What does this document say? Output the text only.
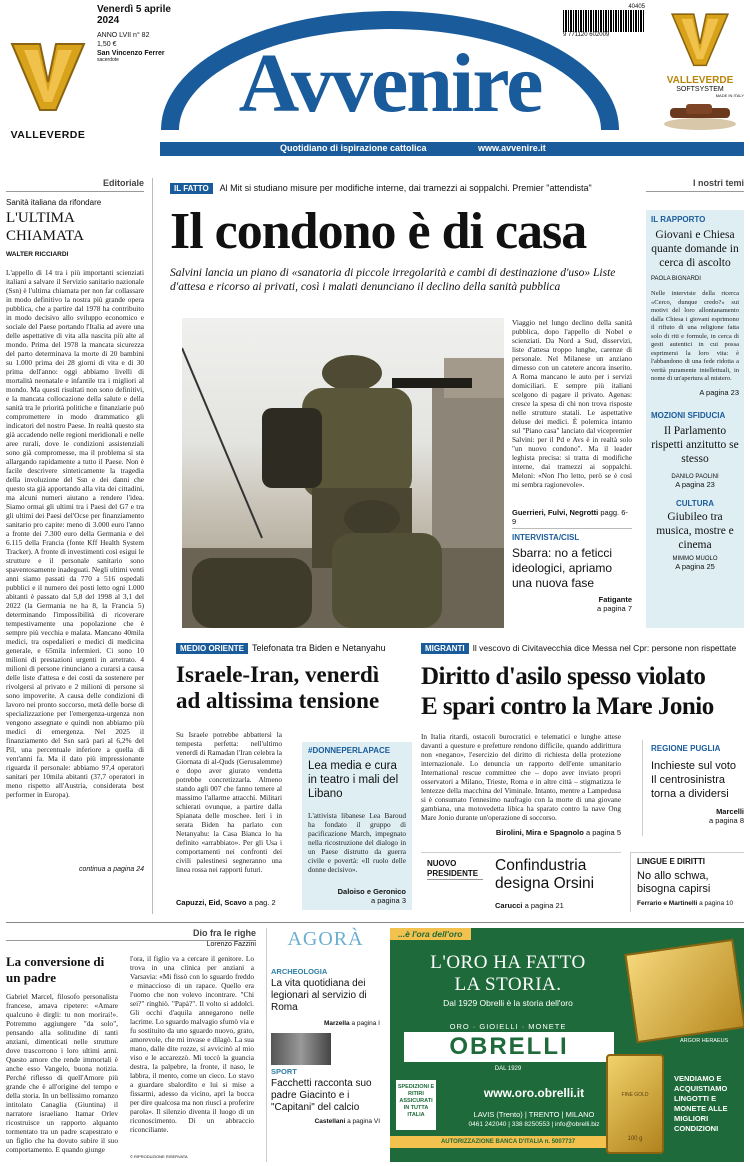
VALLEVERDE
Venerdì 5 aprile
2024
ANNO LVII n° 82
1,50 €
San Vincenzo Ferrer
sacerdote	Avvenire
40405
9 771120 602009
VALLEVERDE
SOFTSYSTEM
MADE IN ITALY
Quotidiano di ispirazione cattolica	www.avvenire.it
Editoriale
Sanità italiana da rifondare
L'ULTIMA CHIAMATA
WALTER RICCIARDI
L'appello di 14 tra i più importanti scienziati italiani a salvare il Servizio sanitario nazionale (Ssn) è l'ultima chiamata per non far collassare in modo definitivo la nostra più grande opera pubblica, che a partire dal 1978 ha contribuito in modo decisivo allo sviluppo economico e sociale del Paese portando l'Italia ad avere una delle aspettative di vita alla nascita più alte al mondo. Prima del 1978 la mancata sicurezza del parto determinava la morte di 20 bambini su 1.000 prima dei 28 giorni di vita e di 30 prima dell'anno: oggi abbiamo livelli di mortalità neonatale e infantile tra i migliori al mondo. Ma questi risultati non sono definitivi, e la mancata collocazione della salute e della sanità tra le priorità politiche e finanziarie può compromettere in modo drammatico gli indicatori del nostro Paese. In realtà questo sta già accadendo nelle regioni meridionali e nelle aree rurali, dove le condizioni assistenziali sono già compromesse, ma il problema si sta allargando rapidamente a tutto il Paese. Non è facile descrivere sinteticamente la tragedia della involuzione del Ssn e dei danni che questo sta già apportando alla vita dei cittadini, ma alcuni numeri aiutano a rendere l'idea. Siamo ormai gli ultimi tra i Paesi del G7 e tra gli ultimi dei Paesi del'Ocse per finanziamento sanitario pro capite: meno di 3.000 euro l'anno a fronte dei 7.300 euro della Germania e dei 6.115 della Francia (fonte Kff Health System Tracker). A fronte di investimenti così esigui le strutture e il personale sanitario sono spaventosamente inadeguati. Negli ultimi venti anni siamo passati da 770 a 516 ospedali pubblici e il numero dei posti letto ogni 1.000 abitanti è passato dal 5,8 del 1998 al 3,1 del 2022 (la Germania ne ha 8, la Francia 5) determinando l'impossibilità di ricoverare tempestivamente una popolazione che è sempre più vecchia e malata. Mancano 40mila medici, tra ospedalieri e medici di medicina generale, e 65mila infermieri. Ci sono 10 milioni di prestazioni urgenti in arretrato. 4 milioni di persone rinunciano a curarsi a causa delle liste d'attesa e dei costi da sostenere per rivolgersi al privato e 2 milioni di persone si sono impoverite. A causa delle condizioni di lavoro nei pronto soccorso, metà delle borse di specializzazione per l'emergenza-urgenza non vengono assegnate e quindi non abbiamo più medici di emergenza. Nel 2025 il finanziamento del Ssn sarà pari al 6,2% del Pil, una percentuale inferiore a quella di vent'anni fa. Ma il dato più impressionante riguarda il personale: abbiamo 97,4 operatori sanitari per 10mila abitanti (37,7 operatori in meno rispetto all'Austria, considerata best performer in Europa).
continua a pagina 24
IL FATTO Al Mit si studiano misure per modifiche interne, dai tramezzi ai soppalchi. Premier "attendista"
Il condono è di casa
Salvini lancia un piano di «sanatoria di piccole irregolarità e cambi di destinazione d'uso» Liste d'attesa e ricorso ai privati, così i malati denunciano il declino della sanità pubblica
Viaggio nel lungo declino della sanità pubblica, dopo l'appello di Nobel e scienziati. Da Nord a Sud, disservizi, liste d'attesa troppo lunghe, carenze di personale. Nel Milanese un anziano dimesso con un catetere ancora inserito. A Roma mancano le auto per i servizi domiciliari. E sempre più italiani scelgono di pagare il privato. Agenas: cresce la spesa di chi non trova risposte nelle strutture statali. Le aspettative deluse dei medici. È polemica intanto sul "Piano casa" lanciato dal vicepremier Salvini: per il Pd e Avs è in realtà solo "un nuovo condono". Ma il leader leghista precisa: si tratta di modifiche interne, dai tramezzi ai soppalchi. Meloni: «Non l'ho letto, però se è così mi sembra ragionevole».
Guerrieri, Fulvi, Negrotti pagg. 6-9
INTERVISTA/CISL
Sbarra: no a feticci ideologici, apriamo una nuova fase
Fatigante
a pagina 7
I nostri temi
IL RAPPORTO
Giovani e Chiesa quante domande in cerca di ascolto
PAOLA BIGNARDI
Nelle interviste della ricerca «Cerco, dunque credo?» sui motivi del loro allontanamento dalla Chiesa i giovani esprimono il rifiuto di una religione fatta solo di riti e formule, in cerca di gesti autentici in cui possa esprimersi la loro vita: è l'abbandono di una fede ridotta a verità puramente intellettuali, in nome di un'apertura al mistero.
A pagina 23
MOZIONI SFIDUCIA
Il Parlamento rispetti anzitutto se stesso
DANILO PAOLINI
A pagina 23
CULTURA
Giubileo tra musica, mostre e cinema
MIMMO MUOLO
A pagina 25
MEDIO ORIENTE Telefonata tra Biden e Netanyahu
Israele-Iran, venerdì ad altissima tensione
Su Israele potrebbe abbattersi la tempesta perfetta: nell'ultimo venerdì di Ramadan l'Iran celebra la Giornata di al-Quds (Gerusalemme) e dopo aver giurato vendetta potrebbe concretizzarla. Almeno stando agli 007 che fanno temere al massimo l'allarme attacchi. Militari schierati ovunque, a partire dalla Spianata delle moschee. Ieri i in serata Biden ha parlato con Netanyahu: la Casa Bianca lo ha definito «arrabbiato». Per gli Usa i comportamenti nei confronti dei civili palestinesi segneranno una linea rossa nei rapporti futuri.
Capuzzi, Eid, Scavo a pag. 2
#DONNEPERLAPACE
Lea media e cura in teatro i mali del Libano
L'attivista libanese Lea Baroud ha fondato il gruppo di pacificazione March, impegnato nella ricostruzione del dialogo in un Paese distrutto da guerra civile e povertà: «Il ruolo delle donne decisivo».
Daloiso e Geronico
a pagina 3
MIGRANTI Il vescovo di Civitavecchia dice Messa nel Cpr: persone non rispettate
Diritto d'asilo spesso violato
E spari contro la Mare Jonio
In Italia ritardi, ostacoli burocratici e telematici e lunghe attese davanti a questure e prefetture rendono difficile, quando addirittura non «negano», l'esercizio del diritto di richiesta della protezione internazionale. Lo denuncia un rapporto dell'ente umanitario International rescue committee che – dopo aver inviato propri osservatori a Milano, Trieste, Roma e in altre città – stigmatizza le lentezze della macchina del Viminale. Intanto, mentre a Lampedusa si è consumato l'ennesimo naufragio con la morte di una giovane gambiana, una motovedetta libica ha sparato contro la nave Ong Mare Jonio durante un'operazione di soccorso.
Birolini, Mira e Spagnolo a pagina 5
REGIONE PUGLIA
Inchieste sul voto Il centrosinistra torna a dividersi
Marcelli
a pagina 8
NUOVO PRESIDENTE	Confindustria designa Orsini
Carucci a pagina 21
LINGUE E DIRITTI
No allo schwa, bisogna capirsi
Ferrario e Martinelli a pagina 10
Dio fra le righe
Lorenzo Fazzini
La conversione di un padre
Gabriel Marcel, filosofo personalista francese, amava ripetere: «Amare qualcuno è dirgli: tu non morirai!». Potremmo aggiungere "da solo", pensando alla solitudine di tanti anziani, dimenticati nelle strutture dove trascorrono i loro ultimi anni. Questo amore che rende immortali è anche esso Vangelo, buona notizia. Perché riflesso di quell'Amore più grande che è all'origine del tempo e della storia. In un bellissimo romanzo intitolato Canaglia (Giuntina) il narratore israeliano Itamar Orlev ricostruisce un rapporto alquanto tormentato tra un padre scapestrato e un figlio che ha dovuto subire il suo comportamento. E quando giunge
l'ora, il figlio va a cercare il genitore. Lo trova in una clinica per anziani a Varsavia: «Mi fissò con lo sguardo freddo e minaccioso di un rapace. Quello era l'uomo che non volevo incontrare. "Chi sei?" ringhiò. "Papà?". Il volto si addolcì. Gli occhi d'aquila annegarono nelle lacrime. Lo sguardo malvagio sfumò via e fu sostituito da uno sguardo nuovo, grato, amorevole, che mi invase e dilagò. La sua mano, dalle dite rozze, si avvicinò al mio viso e le accarezzò. Mi toccò la guancia destra, la palpebre, la fronte, il naso, le labbra, il mento, come un cieco. Lo stavo a guardare sbalordito e lui si mise a fissarmi, adesso da vicino, aprì la bocca per dire qualcosa ma non riuscì a proferire parola». Il silenzio diventa il luogo di un riconoscimento. Di un abbraccio riconciliante.
© RIPRODUZIONE RISERVATA
AGORÀ
ARCHEOLOGIA
La vita quotidiana dei legionari al servizio di Roma
Marzella a pagina I
SPORT
Facchetti racconta suo padre Giacinto e i "Capitani" del calcio
Castellani a pagina VI
...è l'ora dell'oro
L'ORO HA FATTO
LA STORIA.
Dal 1929 Obrelli è la storia dell'oro
ORO · GIOIELLI · MONETE
OBRELLI
DAL 1929
SPEDIZIONI E RITIRI ASSICURATI IN TUTTA ITALIA
www.oro.obrelli.it
LAVIS (Trento) | TRENTO | MILANO
0461 242040 | 338 8250553 | info@obrelli.biz
AUTORIZZAZIONE BANCA D'ITALIA n. 5007737
ARGOR HERAEUS
FINE GOLD
100 g
VENDIAMO E ACQUISTIAMO LINGOTTI E MONETE ALLE MIGLIORI CONDIZIONI
